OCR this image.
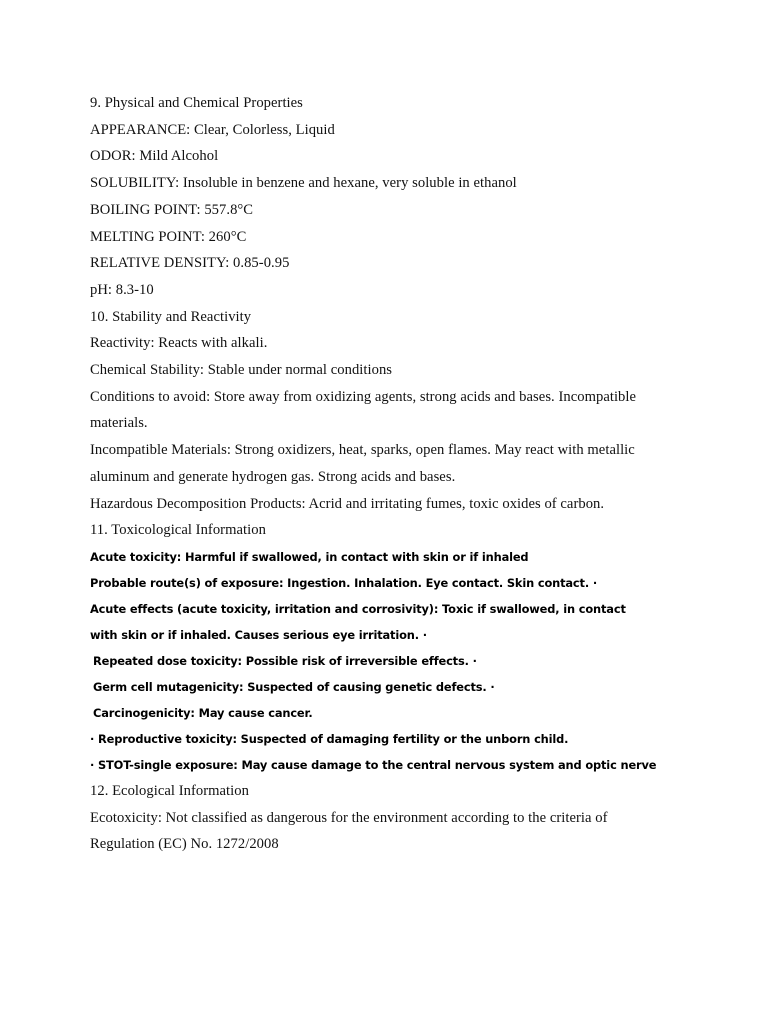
9. Physical and Chemical Properties
APPEARANCE: Clear, Colorless, Liquid
ODOR: Mild Alcohol
SOLUBILITY: Insoluble in benzene and hexane, very soluble in ethanol
BOILING POINT: 557.8°C
MELTING POINT: 260°C
RELATIVE DENSITY: 0.85-0.95
pH: 8.3-10
10. Stability and Reactivity
Reactivity: Reacts with alkali.
Chemical Stability: Stable under normal conditions
Conditions to avoid: Store away from oxidizing agents, strong acids and bases. Incompatible materials.
Incompatible Materials: Strong oxidizers, heat, sparks, open flames. May react with metallic aluminum and generate hydrogen gas. Strong acids and bases.
Hazardous Decomposition Products: Acrid and irritating fumes, toxic oxides of carbon.
11. Toxicological Information
Acute toxicity: Harmful if swallowed, in contact with skin or if inhaled
Probable route(s) of exposure: Ingestion. Inhalation. Eye contact. Skin contact. ·
Acute effects (acute toxicity, irritation and corrosivity): Toxic if swallowed, in contact with skin or if inhaled. Causes serious eye irritation. ·
Repeated dose toxicity: Possible risk of irreversible effects. ·
Germ cell mutagenicity: Suspected of causing genetic defects. ·
Carcinogenicity: May cause cancer.
· Reproductive toxicity: Suspected of damaging fertility or the unborn child.
· STOT-single exposure: May cause damage to the central nervous system and optic nerve
12. Ecological Information
Ecotoxicity: Not classified as dangerous for the environment according to the criteria of Regulation (EC) No. 1272/2008
